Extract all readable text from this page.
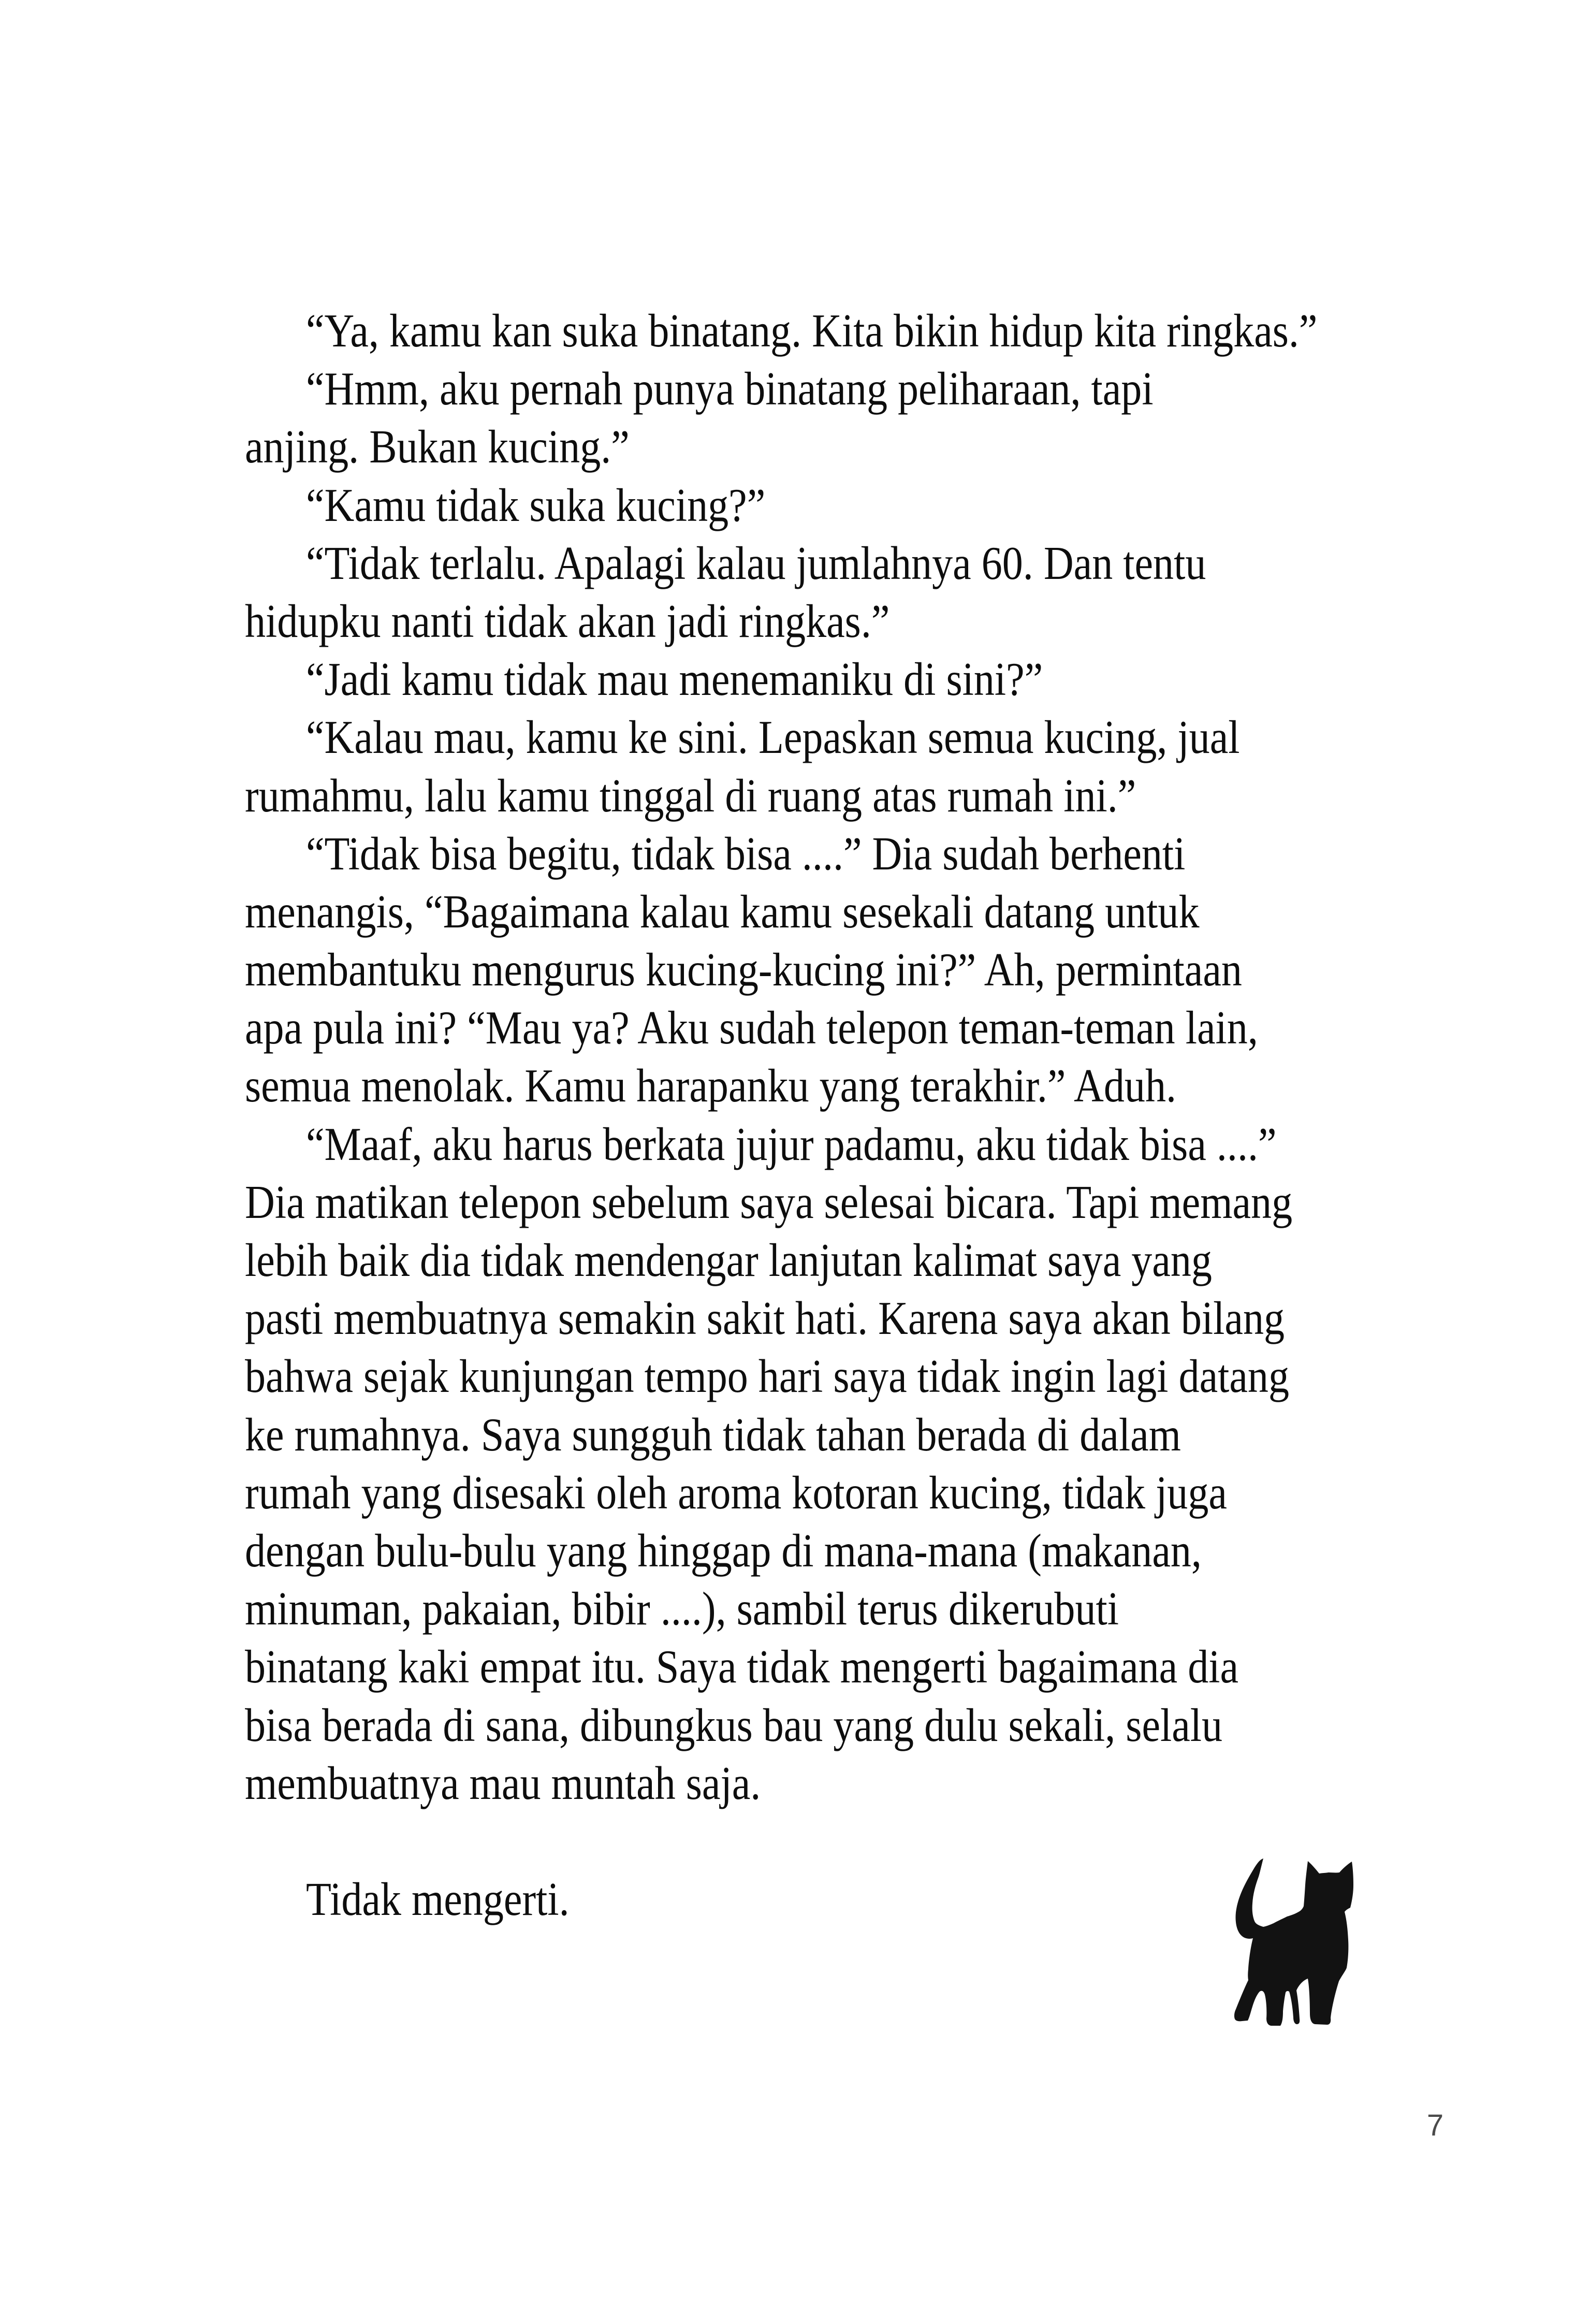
“Ya, kamu kan suka binatang. Kita bikin hidup kita ringkas.”
“Hmm, aku pernah punya binatang peliharaan, tapi
anjing. Bukan kucing.”
“Kamu tidak suka kucing?”
“Tidak terlalu. Apalagi kalau jumlahnya 60. Dan tentu
hidupku nanti tidak akan jadi ringkas.”
“Jadi kamu tidak mau menemaniku di sini?”
“Kalau mau, kamu ke sini. Lepaskan semua kucing, jual
rumahmu, lalu kamu tinggal di ruang atas rumah ini.”
“Tidak bisa begitu, tidak bisa ....” Dia sudah berhenti
menangis, “Bagaimana kalau kamu sesekali datang untuk
membantuku mengurus kucing-kucing ini?” Ah, permintaan
apa pula ini? “Mau ya? Aku sudah telepon teman-teman lain,
semua menolak. Kamu harapanku yang terakhir.” Aduh.
“Maaf, aku harus berkata jujur padamu, aku tidak bisa ....”
Dia matikan telepon sebelum saya selesai bicara. Tapi memang
lebih baik dia tidak mendengar lanjutan kalimat saya yang
pasti membuatnya semakin sakit hati. Karena saya akan bilang
bahwa sejak kunjungan tempo hari saya tidak ingin lagi datang
ke rumahnya. Saya sungguh tidak tahan berada di dalam
rumah yang disesaki oleh aroma kotoran kucing, tidak juga
dengan bulu-bulu yang hinggap di mana-mana (makanan,
minuman, pakaian, bibir ....), sambil terus dikerubuti
binatang kaki empat itu. Saya tidak mengerti bagaimana dia
bisa berada di sana, dibungkus bau yang dulu sekali, selalu
membuatnya mau muntah saja.
Tidak mengerti.
7
